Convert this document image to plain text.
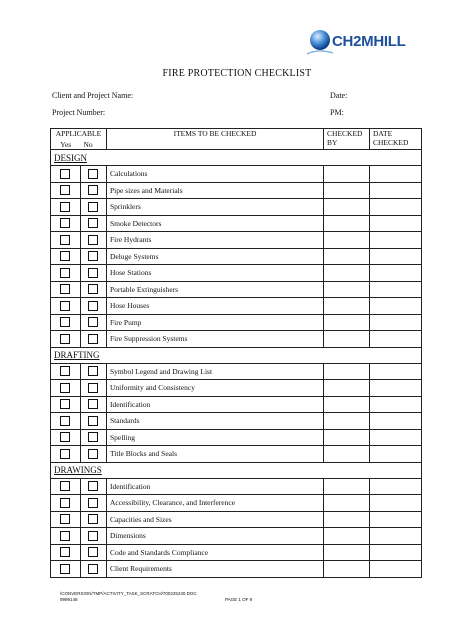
CH2MHILL
FIRE PROTECTION CHECKLIST
Client and Project Name:	Date:
Project Number:	PM:
APPLICABLE		ITEMS TO BE CHECKED	CHECKED BY	DATE CHECKED
Yes	No			
DESIGN				

	Calculations		

	Pipe sizes and Materials		

	Sprinklers		

	Smoke Detectors		

	Fire Hydrants		

	Deluge Systems		

	Hose Stations		

	Portable Extinguishers		

	Hose Houses		

	Fire Pump		

	Fire Suppression Systems		
DRAFTING				

	Symbol Legend and Drawing List		

	Uniformity and Consistency		

	Identification		

	Standards		

	Spelling		

	Title Blocks and Seals		
DRAWINGS				

	Identification		

	Accessibility, Clearance, and Interference		

	Capacities and Sizes		

	Dimensions		

	Code and Standards Compliance		

	Client Requirements		
/CONVERSION/TMP/ACTIVITY_TASK_SCRATCH/700225230.DOC
9999148	PAGE 1 OF 9
